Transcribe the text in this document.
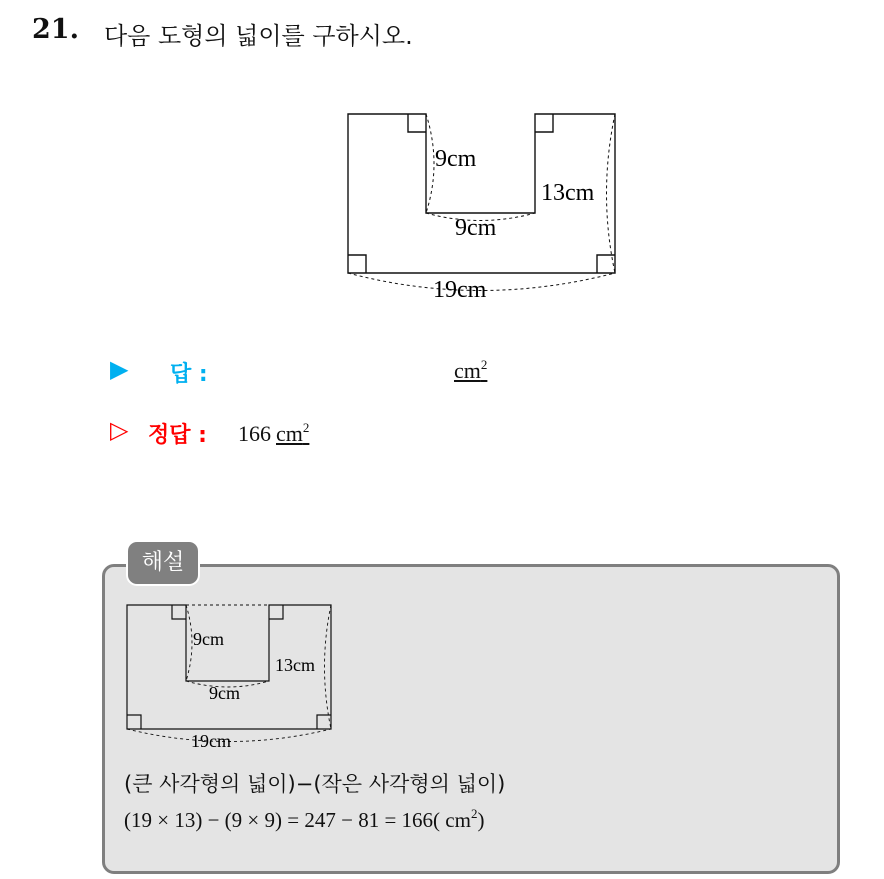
21. 다음 도형의 넓이를 구하시오.
9cm
9cm
13cm
19cm
▶ 답 :	$cm^2$
▷ 정답 : 166 $cm^2$
해설
9cm
9cm
13cm
19cm
(큰 사각형의 넓이)−(작은 사각형의 넓이)
(19 × 13) − (9 × 9) = 247 − 81 = 166( $cm^2$)
